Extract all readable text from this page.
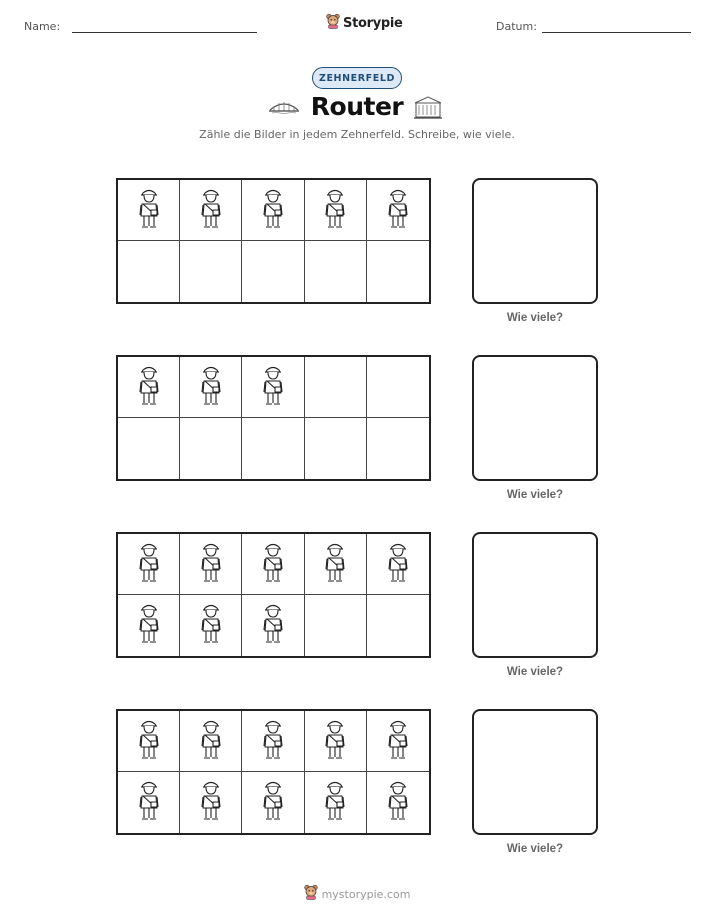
Name:	Storypie	Datum:
ZEHNERFELD
Router
Zähle die Bilder in jedem Zehnerfeld. Schreibe, wie viele.
Wie viele?
Wie viele?
Wie viele?
Wie viele?
mystorypie.com
